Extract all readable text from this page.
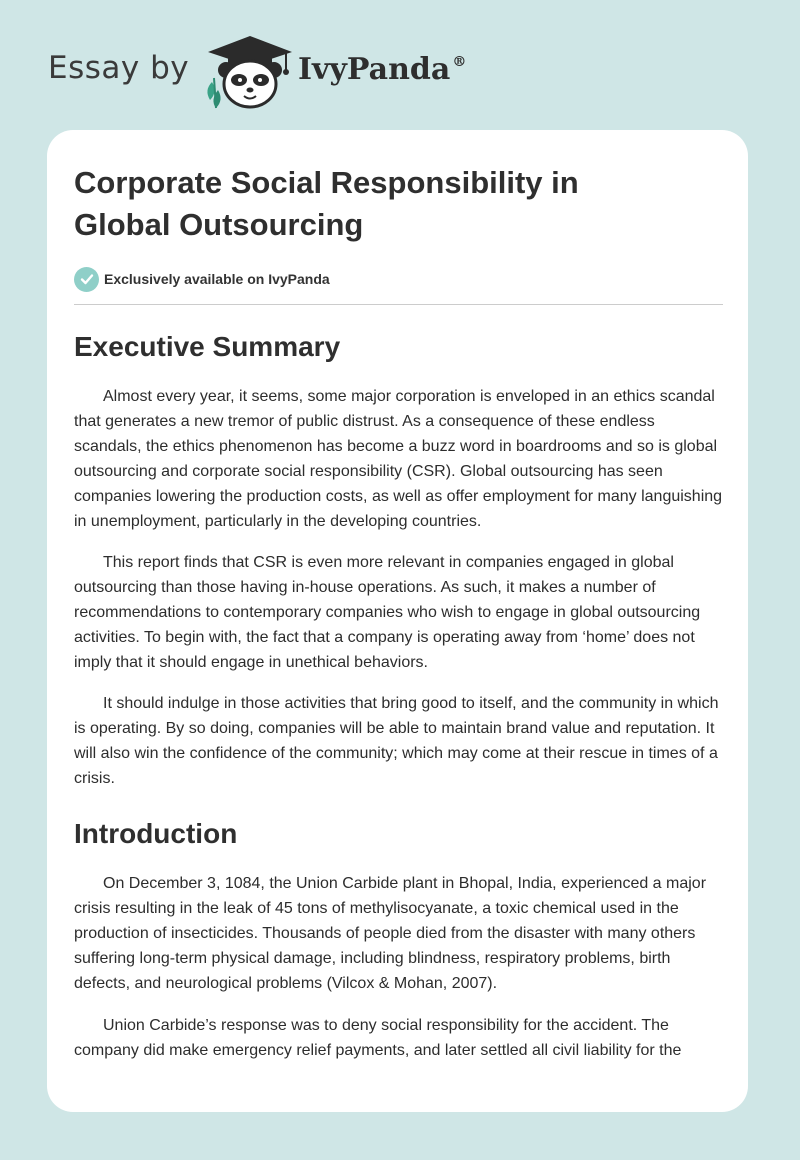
Essay by	IvyPanda ®
Corporate Social Responsibility in
Global Outsourcing
Exclusively available on IvyPanda
Executive Summary

Almost every year, it seems, some major corporation is enveloped in an ethics scandal that generates a new tremor of public distrust. As a consequence of these endless scandals, the ethics phenomenon has become a buzz word in boardrooms and so is global outsourcing and corporate social responsibility (CSR). Global outsourcing has seen companies lowering the production costs, as well as offer employment for many languishing in unemployment, particularly in the developing countries.

This report finds that CSR is even more relevant in companies engaged in global outsourcing than those having in-house operations. As such, it makes a number of recommendations to contemporary companies who wish to engage in global outsourcing activities. To begin with, the fact that a company is operating away from ‘home’ does not imply that it should engage in unethical behaviors.

It should indulge in those activities that bring good to itself, and the community in which is operating. By so doing, companies will be able to maintain brand value and reputation. It will also win the confidence of the community; which may come at their rescue in times of a crisis.

Introduction

On December 3, 1084, the Union Carbide plant in Bhopal, India, experienced a major crisis resulting in the leak of 45 tons of methylisocyanate, a toxic chemical used in the production of insecticides. Thousands of people died from the disaster with many others suffering long-term physical damage, including blindness, respiratory problems, birth defects, and neurological problems (Vilcox & Mohan, 2007).

Union Carbide’s response was to deny social responsibility for the accident. The company did make emergency relief payments, and later settled all civil liability for the
